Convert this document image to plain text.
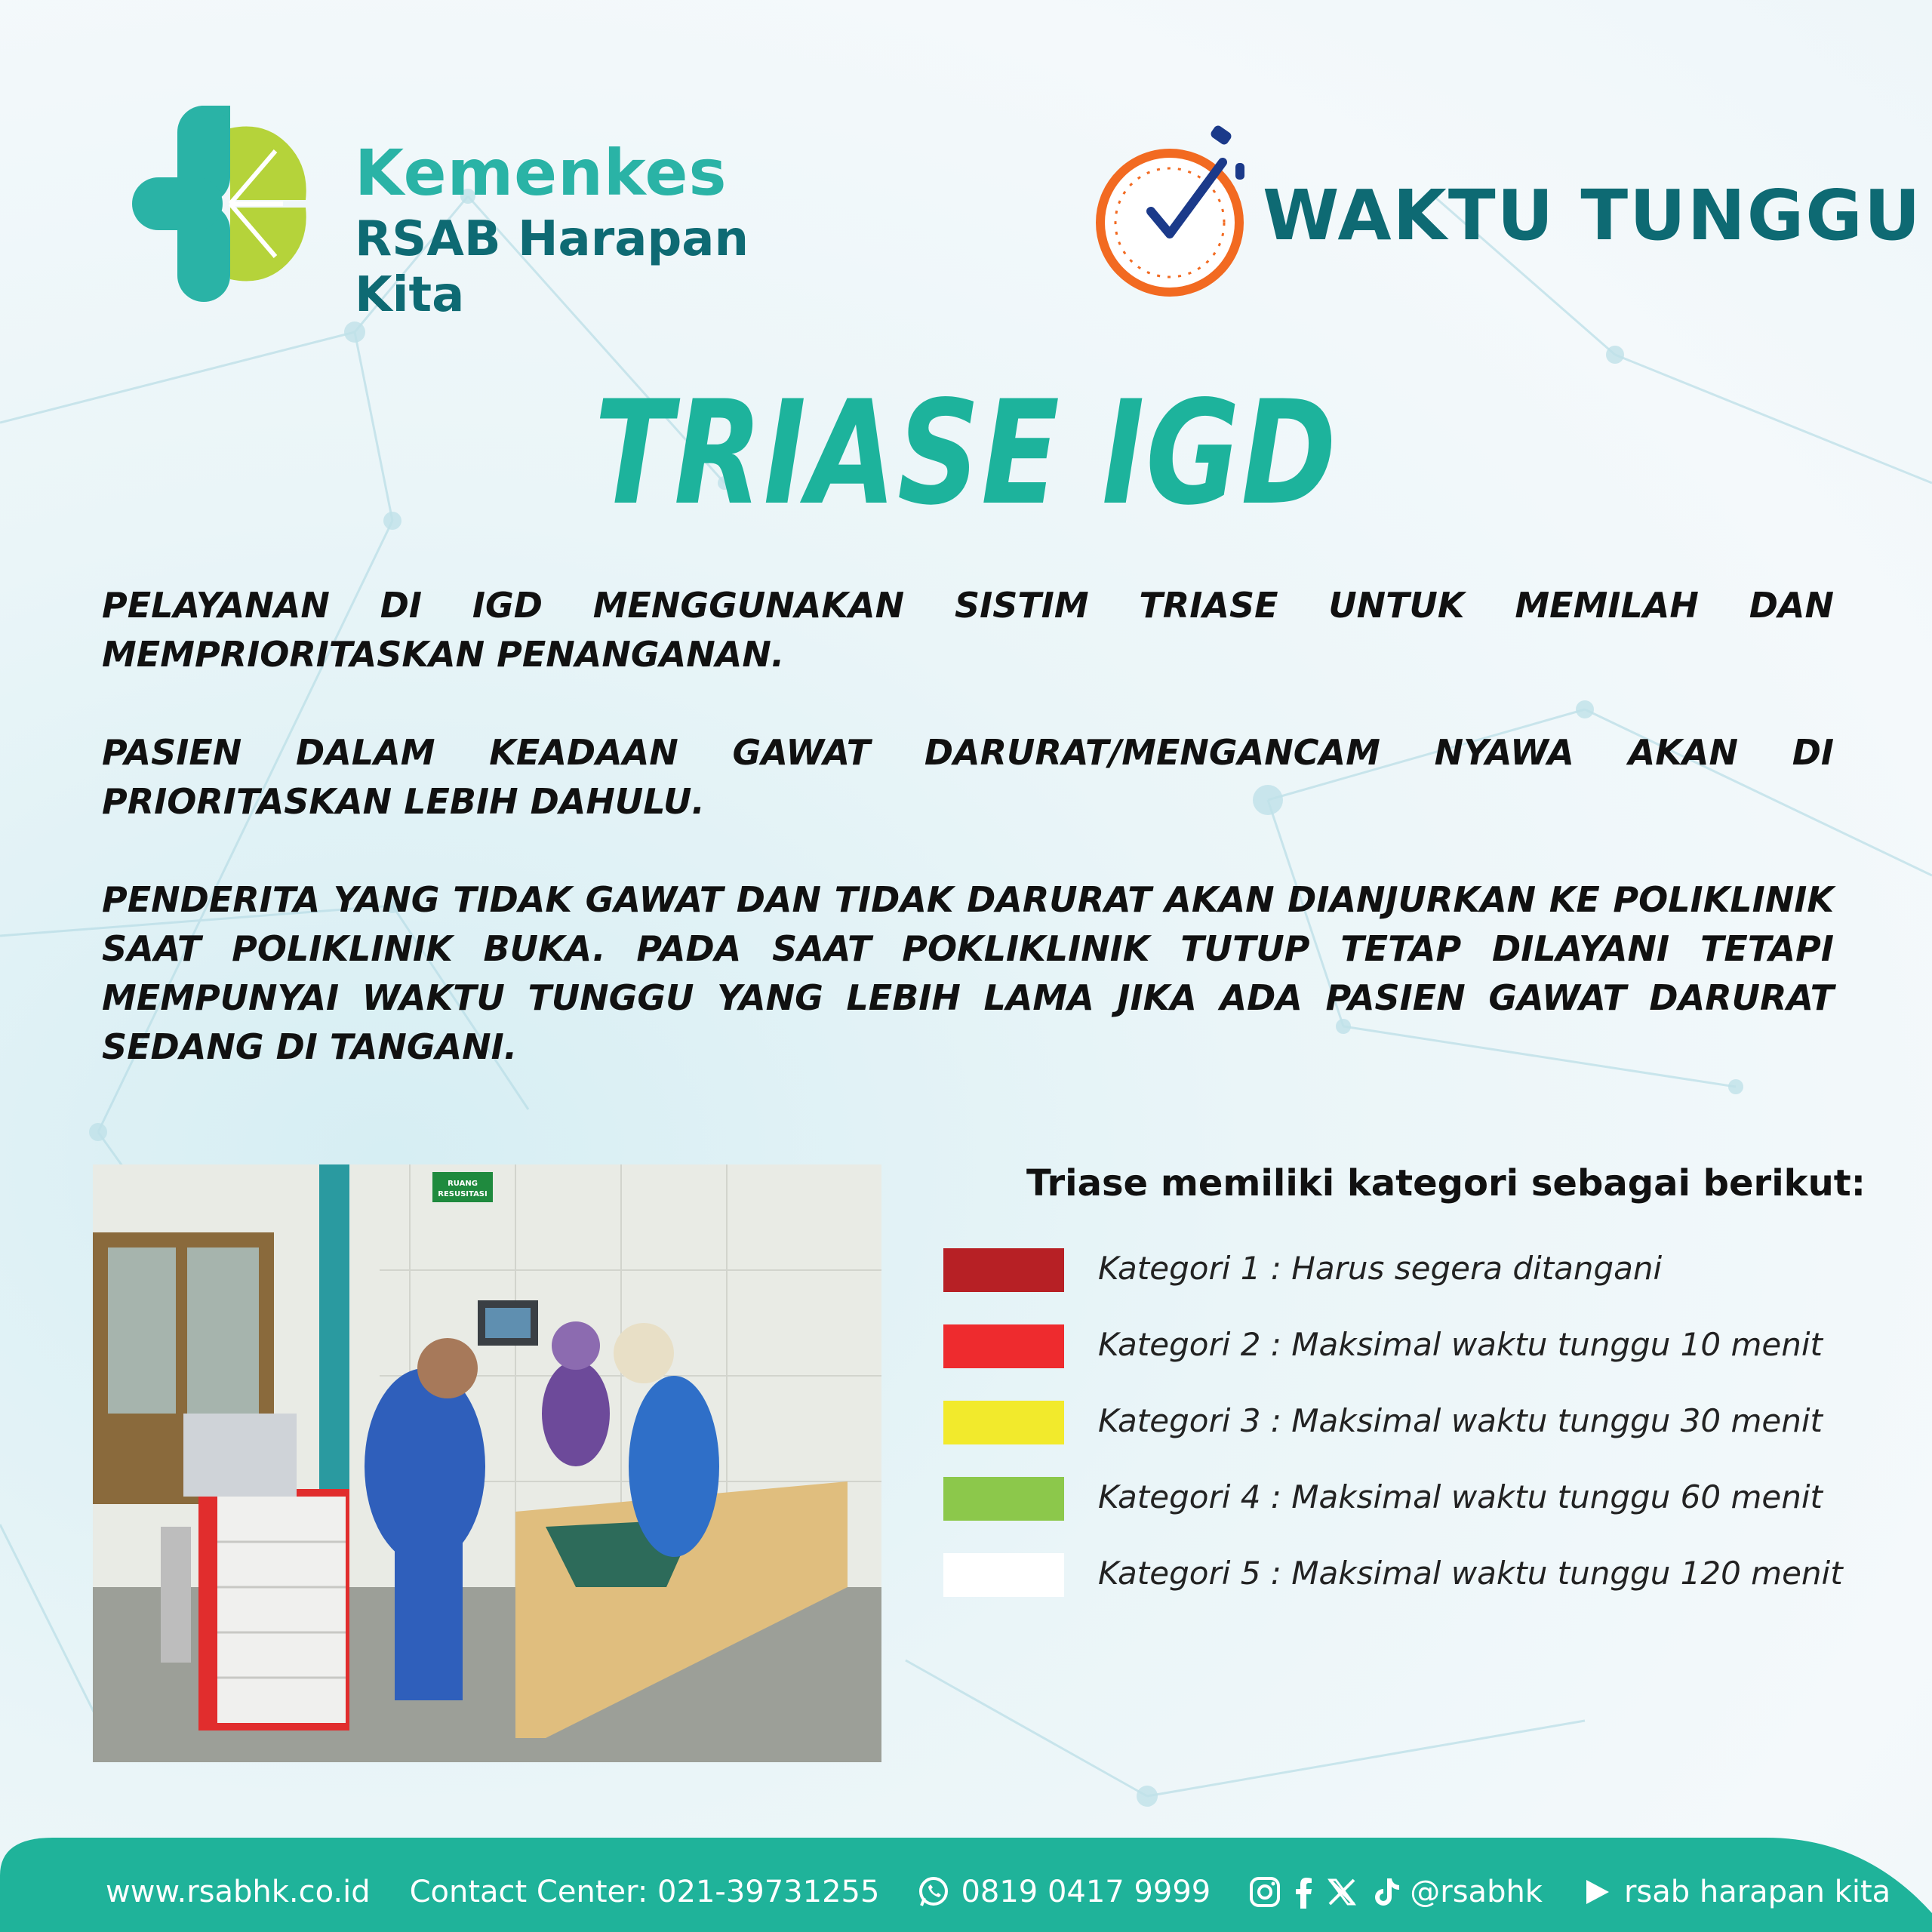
Kemenkes
RSAB Harapan Kita
WAKTU TUNGGU
TRIASE IGD

PELAYANAN DI IGD MENGGUNAKAN SISTIM TRIASE UNTUK MEMILAH DAN MEMPRIORITASKAN PENANGANAN.

PASIEN DALAM KEADAAN GAWAT DARURAT/MENGANCAM NYAWA AKAN DI PRIORITASKAN LEBIH DAHULU.

PENDERITA YANG TIDAK GAWAT DAN TIDAK DARURAT AKAN DIANJURKAN KE POLIKLINIK SAAT POLIKLINIK BUKA. PADA SAAT POKLIKLINIK TUTUP TETAP DILAYANI TETAPI MEMPUNYAI WAKTU TUNGGU YANG LEBIH LAMA JIKA ADA PASIEN GAWAT DARURAT SEDANG DI TANGANI.

RUANG
RESUSITASI	Triase memiliki kategori sebagai berikut:
Kategori 1 : Harus segera ditangani
Kategori 2 : Maksimal waktu tunggu 10 menit
Kategori 3 : Maksimal waktu tunggu 30 menit
Kategori 4 : Maksimal waktu tunggu 60 menit
Kategori 5 : Maksimal waktu tunggu 120 menit
www.rsabhk.co.id Contact Center: 021-39731255	0819 0417 9999	@rsabhk	rsab harapan kita
